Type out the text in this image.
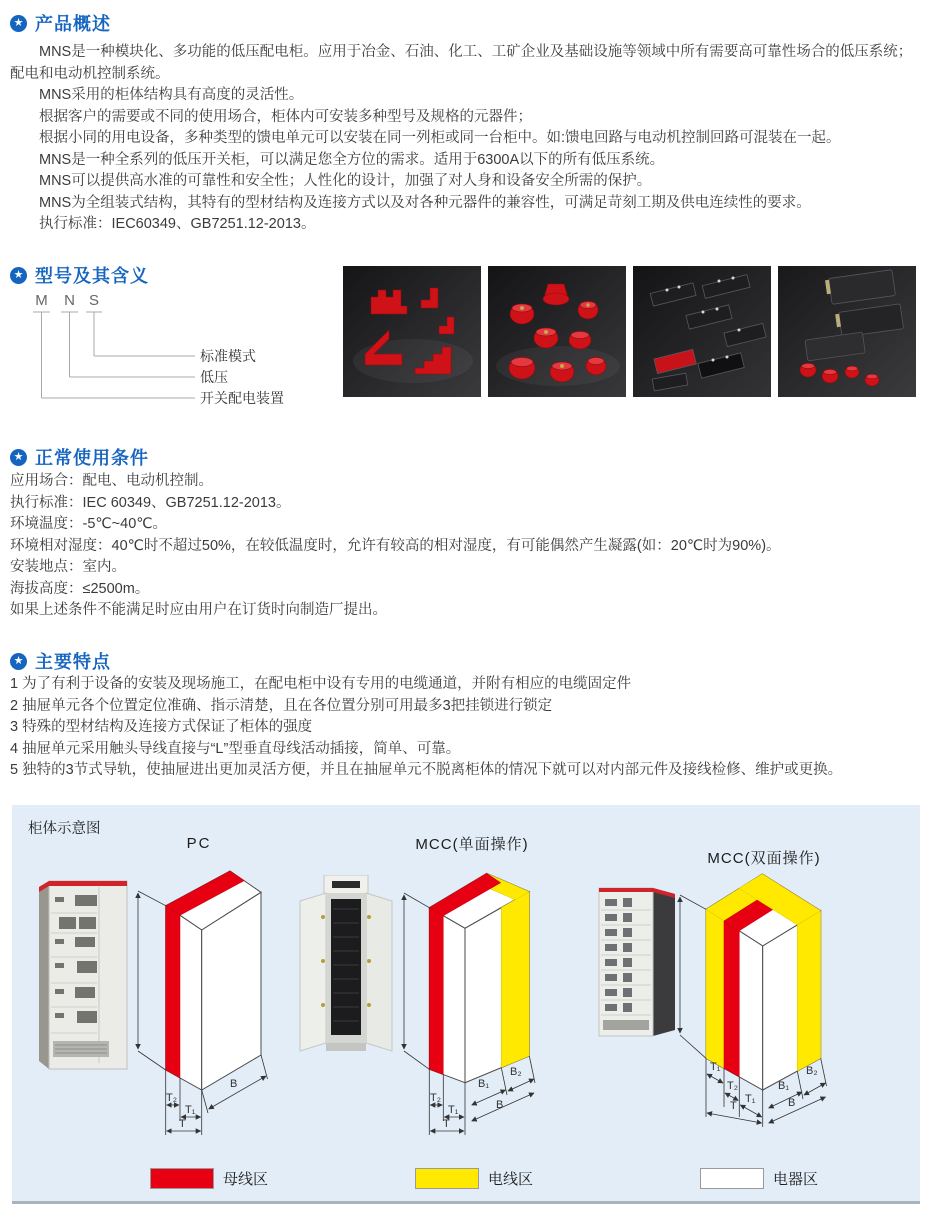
★ 产品概述

MNS是一种模块化、多功能的低压配电柜。应用于冶金、石油、化工、工矿企业及基础设施等领域中所有需要高可靠性场合的低压系统；配电和电动机控制系统。

MNS采用的柜体结构具有高度的灵活性。

根据客户的需要或不同的使用场合，柜体内可安装多种型号及规格的元器件；

根据小同的用电设备，多种类型的馈电单元可以安装在同一列柜或同一台柜中。如:馈电回路与电动机控制回路可混装在一起。

MNS是一种全系列的低压开关柜，可以满足您全方位的需求。适用于6300A以下的所有低压系统。

MNS可以提供高水准的可靠性和安全性；人性化的设计，加强了对人身和设备安全所需的保护。

MNS为全组装式结构，其特有的型材结构及连接方式以及对各种元器件的兼容性，可满足苛刻工期及供电连续性的要求。

执行标准：IEC60349、GB7251.12-2013。

★ 型号及其含义
M N S
标准模式
低压
开关配电装置
★ 正常使用条件

应用场合：配电、电动机控制。

执行标准：IEC 60349、GB7251.12-2013。

环境温度：-5℃~40℃。

环境相对湿度：40℃时不超过50%，在较低温度时，允许有较高的相对湿度，有可能偶然产生凝露(如：20℃时为90%)。

安装地点：室内。

海拔高度：≤2500m。

如果上述条件不能满足时应由用户在订货时向制造厂提出。

★ 主要特点

1 为了有利于设备的安装及现场施工，在配电柜中设有专用的电缆通道，并附有相应的电缆固定件

2 抽屉单元各个位置定位准确、指示清楚，且在各位置分别可用最多3把挂锁进行锁定

3 特殊的型材结构及连接方式保证了柜体的强度

4 抽屉单元采用触头导线直接与“L”型垂直母线活动插接，简单、可靠。

5 独特的3节式导轨，使抽屉进出更加灵活方便，并且在抽屉单元不脱离柜体的情况下就可以对内部元件及接线检修、维护或更换。

柜体示意图
PC	MCC(单面操作)
MCC(双面操作)
T₂
T₁
T
B
T₂
T₁
T
B₂
B₁
B
T₁
T₂
T₁
T
B₂
B₁
B
母线区	电线区	电器区
